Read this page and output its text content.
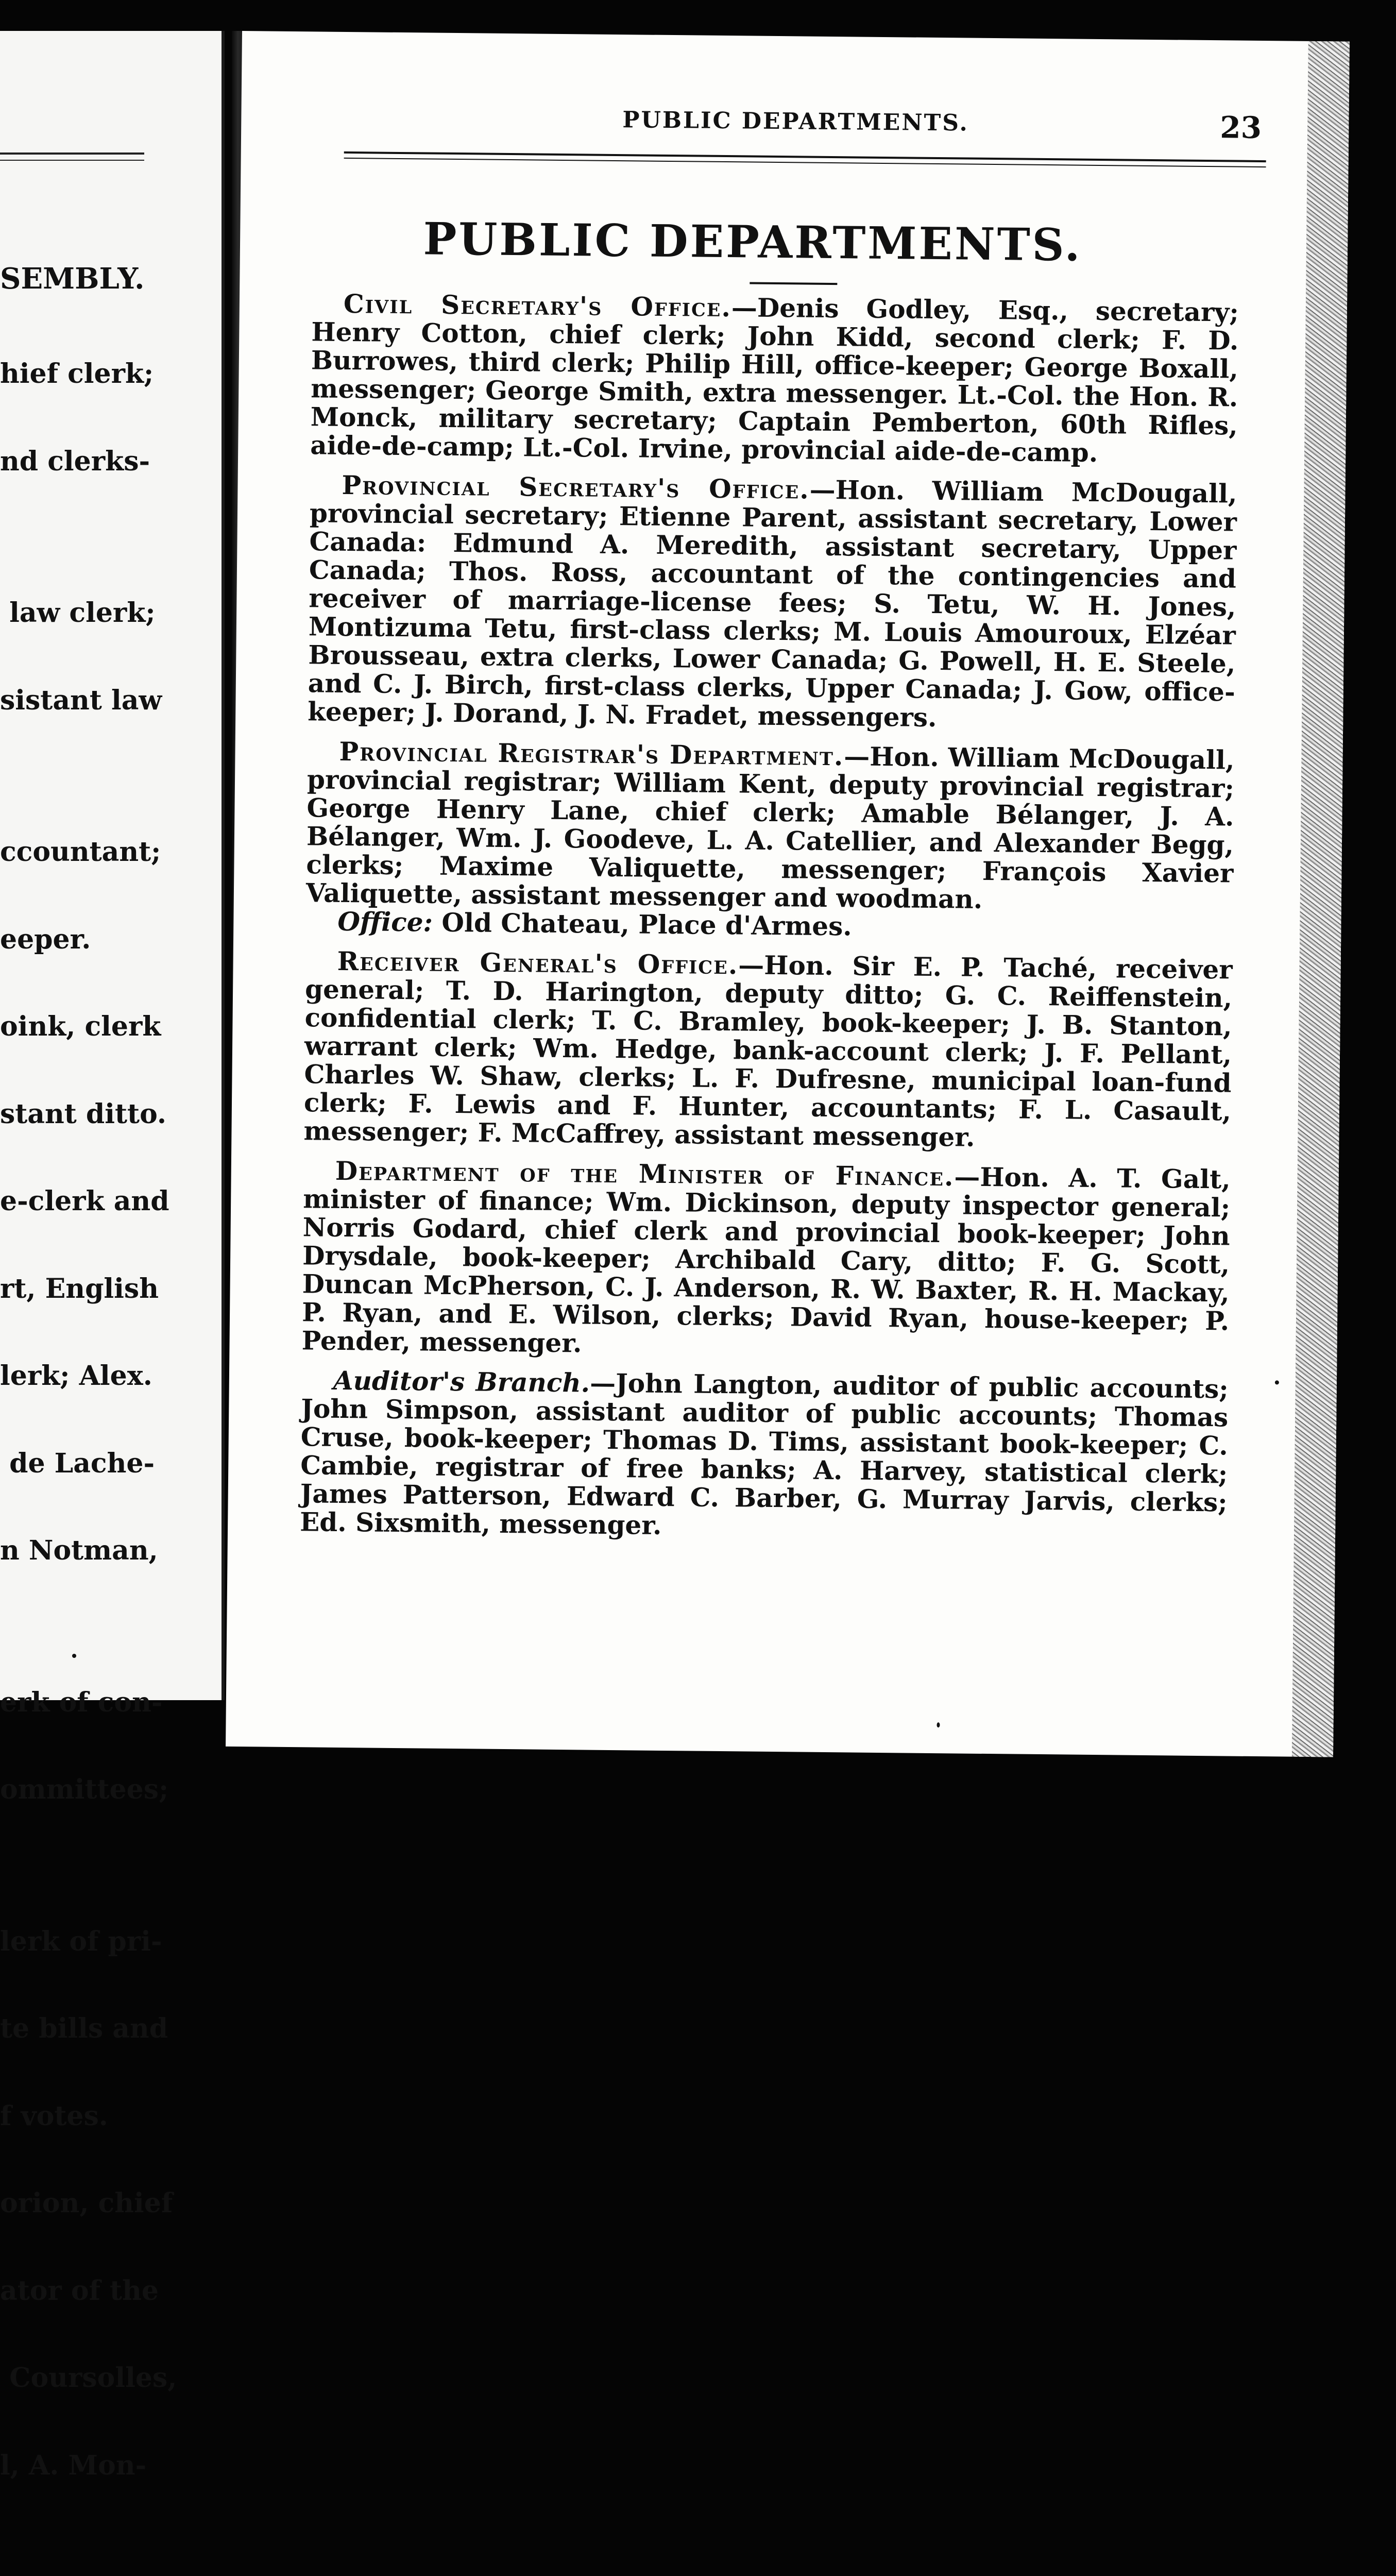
SEMBLY.

hief clerk;

nd clerks-

law clerk;

sistant law

ccountant;

eeper.

oink, clerk

stant ditto.

e-clerk and

rt, English

lerk; Alex.

de Lache-

n Notman,

erk of con-

ommittees;

lerk of pri-

te bills and

f votes.

orion, chief

ator of the

Coursolles,

l, A. Mon-

PUBLIC DEPARTMENTS.	23
PUBLIC DEPARTMENTS.

Civil Secretary's Office.—Denis Godley, Esq., secretary; Henry Cotton, chief clerk; John Kidd, second clerk; F. D. Burrowes, third clerk; Philip Hill, office-keeper; George Boxall, messenger; George Smith, extra messenger. Lt.-Col. the Hon. R. Monck, military secretary; Captain Pemberton, 60th Rifles, aide-de-camp; Lt.-Col. Irvine, provincial aide-de-camp.

Provincial Secretary's Office.—Hon. William McDougall, provincial secretary; Etienne Parent, assistant secretary, Lower Canada: Edmund A. Meredith, assistant secretary, Upper Canada; Thos. Ross, accountant of the contingencies and receiver of marriage-license fees; S. Tetu, W. H. Jones, Montizuma Tetu, first-class clerks; M. Louis Amouroux, Elzéar Brousseau, extra clerks, Lower Canada; G. Powell, H. E. Steele, and C. J. Birch, first-class clerks, Upper Canada; J. Gow, office-keeper; J. Dorand, J. N. Fradet, messengers.

Provincial Registrar's Department.—Hon. William McDougall, provincial registrar; William Kent, deputy provincial registrar; George Henry Lane, chief clerk; Amable Bélanger, J. A. Bélanger, Wm. J. Goodeve, L. A. Catellier, and Alexander Begg, clerks; Maxime Valiquette, messenger; François Xavier Valiquette, assistant messenger and woodman.

Office: Old Chateau, Place d'Armes.

Receiver General's Office.—Hon. Sir E. P. Taché, receiver general; T. D. Harington, deputy ditto; G. C. Reiffenstein, confidential clerk; T. C. Bramley, book-keeper; J. B. Stanton, warrant clerk; Wm. Hedge, bank-account clerk; J. F. Pellant, Charles W. Shaw, clerks; L. F. Dufresne, municipal loan-fund clerk; F. Lewis and F. Hunter, accountants; F. L. Casault, messenger; F. McCaffrey, assistant messenger.

Department of the Minister of Finance.—Hon. A. T. Galt, minister of finance; Wm. Dickinson, deputy inspector general; Norris Godard, chief clerk and provincial book-keeper; John Drysdale, book-keeper; Archibald Cary, ditto; F. G. Scott, Duncan McPherson, C. J. Anderson, R. W. Baxter, R. H. Mackay, P. Ryan, and E. Wilson, clerks; David Ryan, house-keeper; P. Pender, messenger.

Auditor's Branch.—John Langton, auditor of public accounts; John Simpson, assistant auditor of public accounts; Thomas Cruse, book-keeper; Thomas D. Tims, assistant book-keeper; C. Cambie, registrar of free banks; A. Harvey, statistical clerk; James Patterson, Edward C. Barber, G. Murray Jarvis, clerks; Ed. Sixsmith, messenger.
